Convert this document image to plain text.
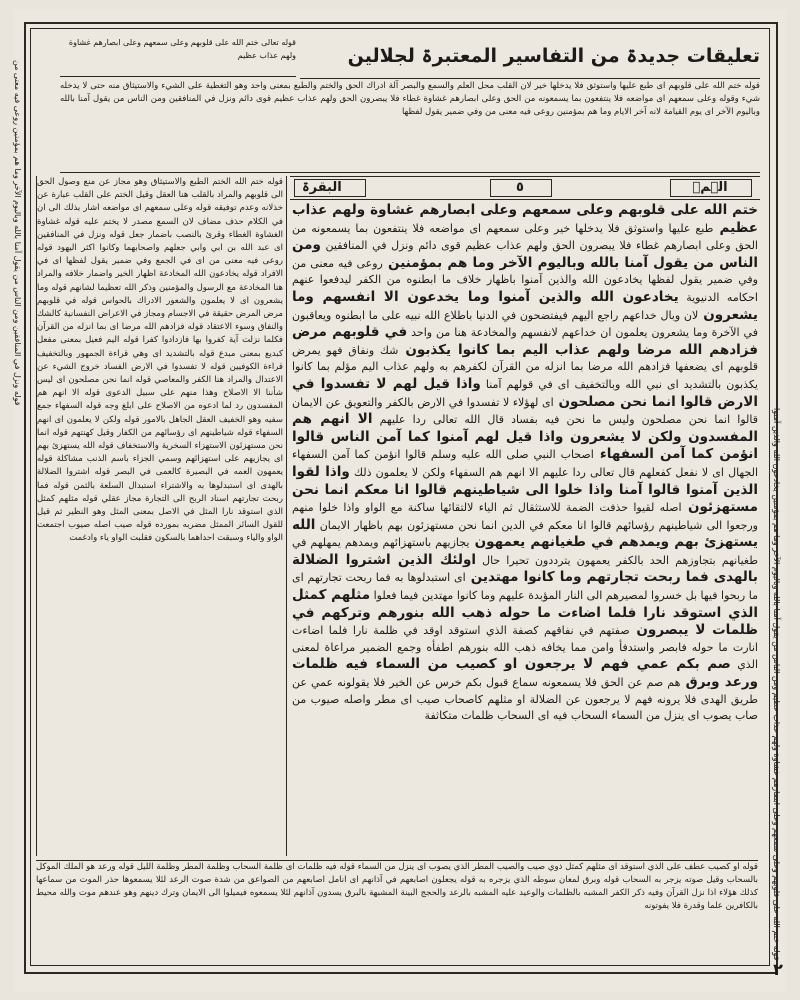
تعلیقات جدیدۃ من التفاسیر المعتبرۃ لجلالین
قوله تعالى ختم الله على قلوبهم وعلى سمعهم وعلى ابصارهم غشاوة ولهم عذاب عظيم
قوله ختم الله على قلوبهم اى طبع عليها واستوثق فلا يدخلها خير لان القلب محل العلم والسمع والبصر آلة ادراك الحق والختم والطبع بمعنى واحد وهو التغطية على الشيء والاستيثاق منه حتى لا يدخله شيء وقوله وعلى سمعهم اى مواضعه فلا ينتفعون بما يسمعونه من الحق وعلى ابصارهم غشاوة غطاء فلا يبصرون الحق ولهم عذاب عظيم قوى دائم ونزل في المنافقين ومن الناس من يقول آمنا بالله وباليوم الآخر اى يوم القيامة لانه آخر الايام وما هم بمؤمنين روعى فيه معنى من وفي ضمير يقول لفظها
البقرۃ	٥	الۤمۤ
قوله ختم الله الختم الطبع والاستيثاق وهو مجاز عن منع وصول الحق الى قلوبهم والمراد بالقلب هنا العقل وقيل الختم على القلب عبارة عن خذلانه وعدم توفيقه قوله وعلى سمعهم اى مواضعه اشار بذلك الى ان في الكلام حذف مضاف لان السمع مصدر لا يختم عليه قوله غشاوة الغشاوة الغطاء وقرئ بالنصب باضمار جعل قوله ونزل في المنافقين اى عبد الله بن ابي وابي جعلهم واصحابهما وكانوا اكثر اليهود قوله روعى فيه معنى من اى في الجمع وفي ضمير يقول لفظها اى في الافراد قوله يخادعون الله المخادعة اظهار الخير واضمار خلافه والمراد هنا المخادعة مع الرسول والمؤمنين وذكر الله تعظيما لشانهم قوله وما يشعرون اى لا يعلمون والشعور الادراك بالحواس قوله في قلوبهم مرض المرض حقيقة في الاجسام ومجاز في الاعراض النفسانية كالشك والنفاق وسوء الاعتقاد قوله فزادهم الله مرضا اى بما انزله من القرآن فكلما نزلت آية كفروا بها فازدادوا كفرا قوله اليم فعيل بمعنى مفعل كبديع بمعنى مبدع قوله بالتشديد اى وهي قراءة الجمهور وبالتخفيف قراءة الكوفيين قوله لا تفسدوا في الارض الفساد خروج الشيء عن الاعتدال والمراد هنا الكفر والمعاصي قوله انما نحن مصلحون اى ليس شأننا الا الاصلاح وهذا منهم على سبيل الدعوى قوله الا انهم هم المفسدون رد لما ادعوه من الاصلاح على ابلغ وجه قوله السفهاء جمع سفيه وهو الخفيف العقل الجاهل بالامور قوله ولكن لا يعلمون اى انهم السفهاء قوله شياطينهم اى رؤسائهم من الكفار وقيل كهنتهم قوله انما نحن مستهزئون الاستهزاء السخرية والاستخفاف قوله الله يستهزئ بهم اى يجازيهم على استهزائهم وسمي الجزاء باسم الذنب مشاكلة قوله يعمهون العمه في البصيرة كالعمى في البصر قوله اشتروا الضلالة بالهدى اى استبدلوها به والاشتراء استبدال السلعة بالثمن قوله فما ربحت تجارتهم اسناد الربح الى التجارة مجاز عقلي قوله مثلهم كمثل الذي استوقد نارا المثل في الاصل بمعنى المثل وهو النظير ثم قيل للقول السائر الممثل مضربه بمورده قوله صيب اصله صيوب اجتمعت الواو والياء وسبقت احداهما بالسكون فقلبت الواو ياء وادغمت
ختم الله على قلوبهم وعلى سمعهم وعلى ابصارهم غشاوة ولهم عذاب عظيم طبع عليها واستوثق فلا يدخلها خير وعلى سمعهم اى مواضعه فلا ينتفعون بما يسمعونه من الحق وعلى ابصارهم غطاء فلا يبصرون الحق ولهم عذاب عظيم قوى دائم ونزل في المنافقين ومن الناس من يقول آمنا بالله وباليوم الآخر وما هم بمؤمنين روعى فيه معنى من وفي ضمير يقول لفظها يخادعون الله والذين آمنوا باظهار خلاف ما ابطنوه من الكفر ليدفعوا عنهم احكامه الدنيوية يخادعون الله والذين آمنوا وما يخدعون الا انفسهم وما يشعرون لان وبال خداعهم راجع اليهم فيفتضحون في الدنيا باطلاع الله نبيه على ما ابطنوه ويعاقبون في الآخرة وما يشعرون يعلمون ان خداعهم لانفسهم والمخادعة هنا من واحد في قلوبهم مرض فزادهم الله مرضا ولهم عذاب اليم بما كانوا يكذبون شك ونفاق فهو يمرض قلوبهم اى يضعفها فزادهم الله مرضا بما انزله من القرآن لكفرهم به ولهم عذاب اليم مؤلم بما كانوا يكذبون بالتشديد اى نبي الله وبالتخفيف اى في قولهم آمنا واذا قيل لهم لا تفسدوا في الارض قالوا انما نحن مصلحون اى لهؤلاء لا تفسدوا في الارض بالكفر والتعويق عن الايمان قالوا انما نحن مصلحون وليس ما نحن فيه بفساد قال الله تعالى ردا عليهم الا انهم هم المفسدون ولكن لا يشعرون واذا قيل لهم آمنوا كما آمن الناس قالوا انؤمن كما آمن السفهاء اصحاب النبي صلى الله عليه وسلم قالوا انؤمن كما آمن السفهاء الجهال اى لا نفعل كفعلهم قال تعالى ردا عليهم الا انهم هم السفهاء ولكن لا يعلمون ذلك واذا لقوا الذين آمنوا قالوا آمنا واذا خلوا الى شياطينهم قالوا انا معكم انما نحن مستهزئون اصله لقيوا حذفت الضمة للاستثقال ثم الياء لالتقائها ساكنة مع الواو واذا خلوا منهم ورجعوا الى شياطينهم رؤسائهم قالوا انا معكم في الدين انما نحن مستهزئون بهم باظهار الايمان الله يستهزئ بهم ويمدهم في طغيانهم يعمهون يجازيهم باستهزائهم ويمدهم يمهلهم في طغيانهم بتجاوزهم الحد بالكفر يعمهون يترددون تحيرا حال اولئك الذين اشتروا الضلالة بالهدى فما ربحت تجارتهم وما كانوا مهتدين اى استبدلوها به فما ربحت تجارتهم اى ما ربحوا فيها بل خسروا لمصيرهم الى النار المؤبدة عليهم وما كانوا مهتدين فيما فعلوا مثلهم كمثل الذي استوقد نارا فلما اضاءت ما حوله ذهب الله بنورهم وتركهم في ظلمات لا يبصرون صفتهم في نفاقهم كصفة الذي استوقد اوقد في ظلمة نارا فلما اضاءت انارت ما حوله فابصر واستدفأ وامن مما يخافه ذهب الله بنورهم اطفأه وجمع الضمير مراعاة لمعنى الذي صم بكم عمي فهم لا يرجعون او كصيب من السماء فيه ظلمات ورعد وبرق هم صم عن الحق فلا يسمعونه سماع قبول بكم خرس عن الخير فلا يقولونه عمي عن طريق الهدى فلا يرونه فهم لا يرجعون عن الضلالة او مثلهم كاصحاب صيب اى مطر واصله صيوب من صاب يصوب اى ينزل من السماء السحاب فيه اى السحاب ظلمات متكاثفة
قوله او كصيب عطف على الذي استوقد اى مثلهم كمثل ذوي صيب والصيب المطر الذي يصوب اى ينزل من السماء قوله فيه ظلمات اى ظلمة السحاب وظلمة المطر وظلمة الليل قوله ورعد هو الملك الموكل بالسحاب وقيل صوته يزجر به السحاب قوله وبرق لمعان سوطه الذي يزجره به قوله يجعلون اصابعهم في آذانهم اى انامل اصابعهم من الصواعق من شدة صوت الرعد لئلا يسمعوها حذر الموت من سماعها كذلك هؤلاء اذا نزل القرآن وفيه ذكر الكفر المشبه بالظلمات والوعيد عليه المشبه بالرعد والحجج البينة المشبهة بالبرق يسدون آذانهم لئلا يسمعوه فيميلوا الى الايمان وترك دينهم وهو عندهم موت والله محيط بالكافرين علما وقدرة فلا يفوتونه	قوله ختم الله على قلوبهم وعلى سمعهم وعلى ابصارهم غشاوة ولهم عذاب عظيم ومن الناس من يقول آمنا بالله وباليوم الآخر وما هم بمؤمنين يخادعون الله والذين آمنوا
قوله ونزل في المنافقين ومن الناس من يقول آمنا بالله وباليوم الآخر وما هم بمؤمنين روعى فيه معنى من
٢
